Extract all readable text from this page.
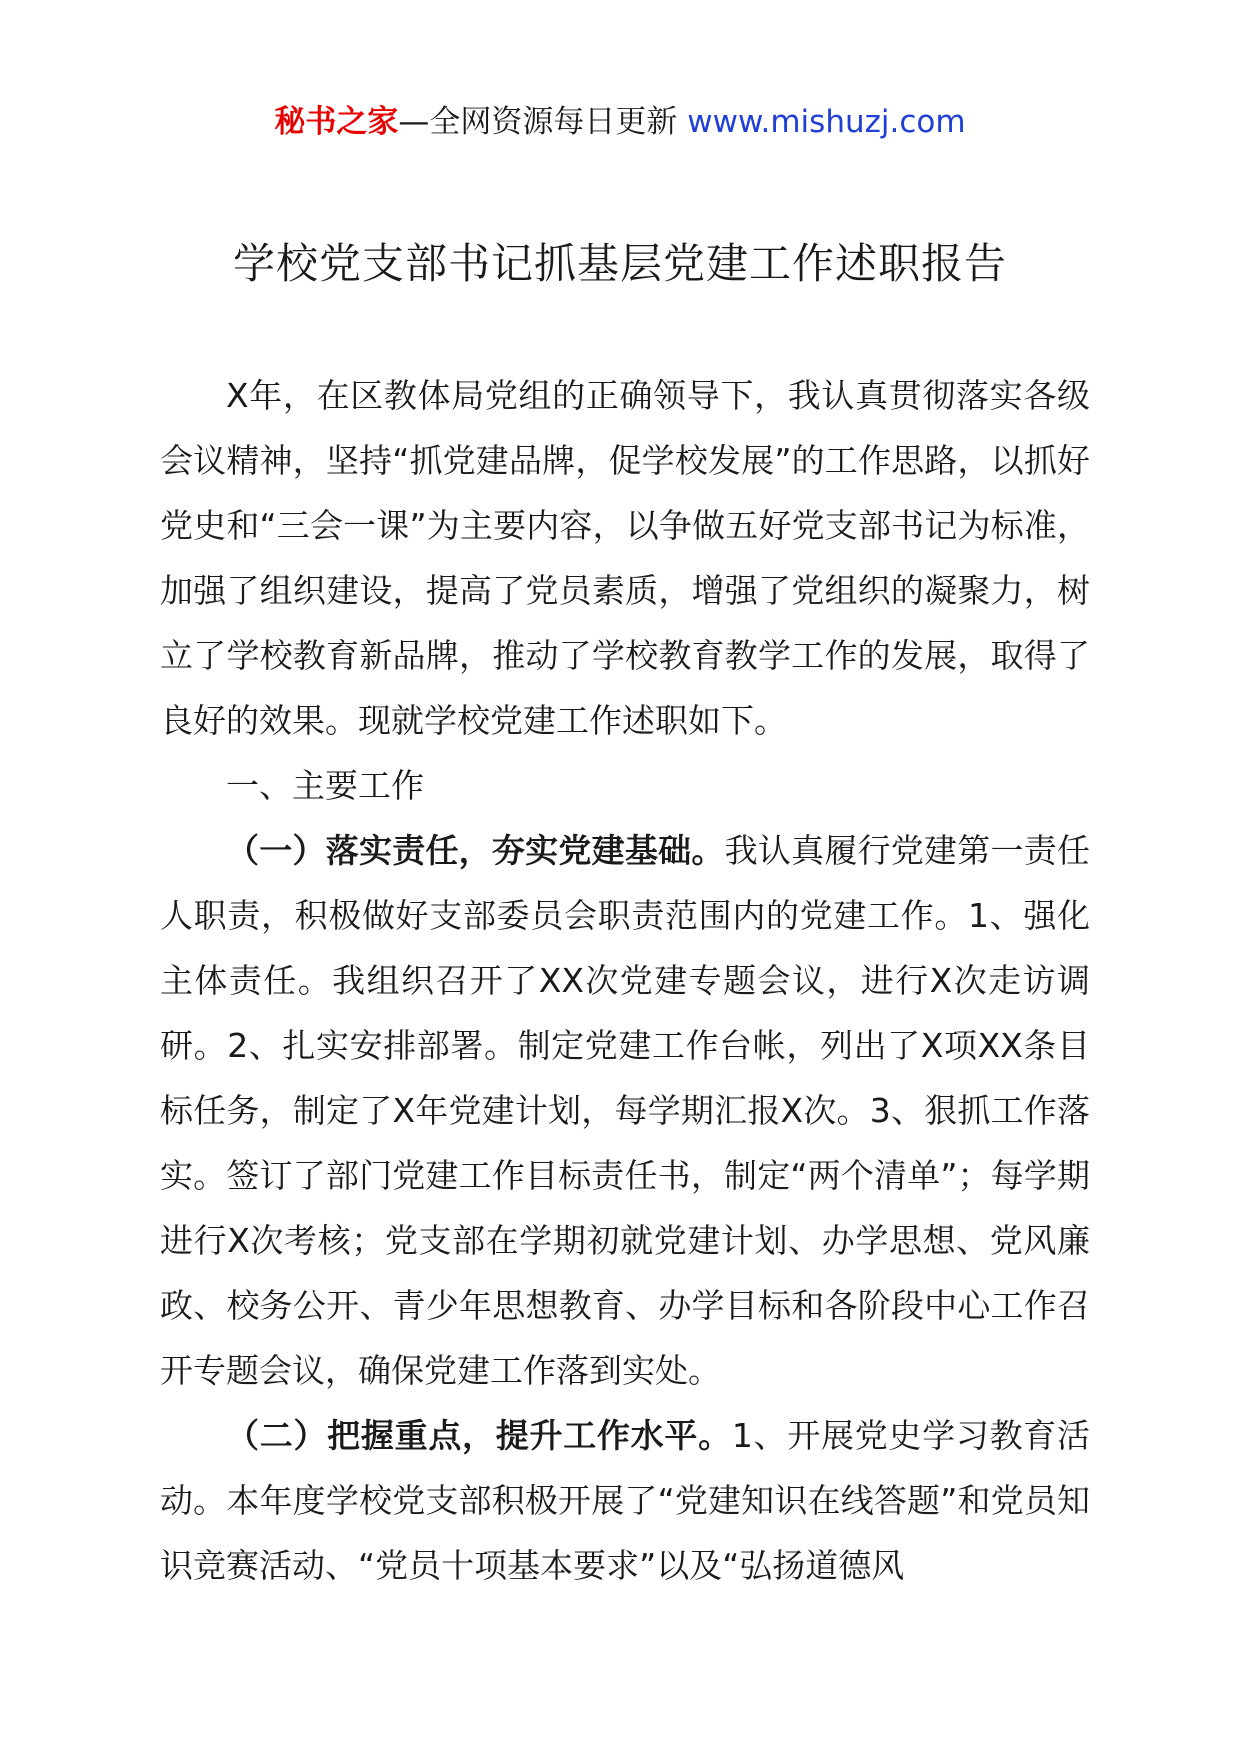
秘书之家—全网资源每日更新 www.mishuzj.com
学校党支部书记抓基层党建工作述职报告

X年，在区教体局党组的正确领导下，我认真贯彻落实各级会议精神，坚持“抓党建品牌，促学校发展”的工作思路，以抓好党史和“三会一课”为主要内容，以争做五好党支部书记为标准，加强了组织建设，提高了党员素质，增强了党组织的凝聚力，树立了学校教育新品牌，推动了学校教育教学工作的发展，取得了良好的效果。现就学校党建工作述职如下。

一、主要工作

（一）落实责任，夯实党建基础。我认真履行党建第一责任人职责，积极做好支部委员会职责范围内的党建工作。1、强化主体责任。我组织召开了XX次党建专题会议，进行X次走访调研。2、扎实安排部署。制定党建工作台帐，列出了X项XX条目标任务，制定了X年党建计划，每学期汇报X次。3、狠抓工作落实。签订了部门党建工作目标责任书，制定“两个清单”；每学期进行X次考核；党支部在学期初就党建计划、办学思想、党风廉政、校务公开、青少年思想教育、办学目标和各阶段中心工作召开专题会议，确保党建工作落到实处。

（二）把握重点，提升工作水平。1、开展党史学习教育活动。本年度学校党支部积极开展了“党建知识在线答题”和党员知识竞赛活动、“党员十项基本要求”以及“弘扬道德风
